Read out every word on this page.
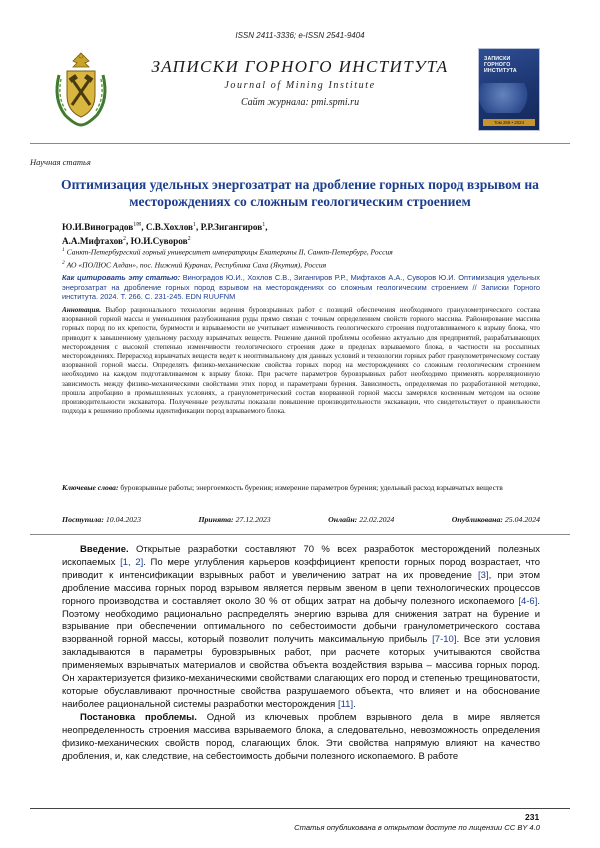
ISSN 2411-3336; e-ISSN 2541-9404
ЗАПИСКИ ГОРНОГО ИНСТИТУТА
Journal of Mining Institute
Сайт журнала: pmi.spmi.ru
ЗАПИСКИ ГОРНОГО ИНСТИТУТА
Том 266 • 2024
Научная статья
Оптимизация удельных энергозатрат на дробление горных пород взрывом на месторождениях со сложным геологическим строением
Ю.И.Виноградов$^{1✉}$, С.В.Хохлов$^1$, Р.Р.Зигангиров$^1$,
А.А.Мифтахов$^2$, Ю.И.Суворов$^2$
$^1$ Санкт-Петербургский горный университет императрицы Екатерины II, Санкт-Петербург, Россия
$^2$ АО «ПОЛЮС Алдан», пос. Нижний Куранах, Республика Саха (Якутия), Россия
Как цитировать эту статью: Виноградов Ю.И., Хохлов С.В., Зигангиров Р.Р., Мифтахов А.А., Суворов Ю.И. Оптимизация удельных энергозатрат на дробление горных пород взрывом на месторождениях со сложным геологическим строением // Записки Горного института. 2024. Т. 266. С. 231-245. EDN RUUFNM
Аннотация. Выбор рационального технологии ведения буровзрывных работ с позиций обеспечения необходимого гранулометрического состава взорванной горной массы и уменьшения разубоживания руды прямо связан с точным определением свойств горного массива. Районирование массива горных пород по их крепости, буримости и взрываемости не учитывает изменчивость геологического строения подготавливаемого к взрыву блока, что приводит к завышенному удельному расходу взрывчатых веществ. Решение данной проблемы особенно актуально для предприятий, разрабатывающих месторождения с высокой степенью изменчивости геологического строения даже в пределах взрываемого блока, в частности на россыпных месторождениях. Перерасход взрывчатых веществ ведет к неоптимальному для данных условий и технологии горных работ гранулометрическому составу взорванной горной массы. Определять физико-механические свойства горных пород на месторождениях со сложным геологическим строением необходимо на каждом подготавливаемом к взрыву блоке. При расчете параметров буровзрывных работ необходимо применять корреляционную зависимость между физико-механическими свойствами этих пород и параметрами бурения. Зависимость, определяемая по разработанной методике, прошла апробацию в промышленных условиях, а гранулометрический состав взорванной горной массы замерялся косвенным методом на основе производительности экскаватора. Полученные результаты показали повышение производительности экскавации, что свидетельствует о правильности подхода к решению проблемы идентификации пород взрываемого блока.
Ключевые слова: буровзрывные работы; энергоемкость бурения; измерение параметров бурения; удельный расход взрывчатых веществ
Поступила: 10.04.2023	Принята: 27.12.2023	Онлайн: 22.02.2024	Опубликована: 25.04.2024

Введение. Открытые разработки составляют 70 % всех разработок месторождений полезных ископаемых [1, 2]. По мере углубления карьеров коэффициент крепости горных пород возрастает, что приводит к интенсификации взрывных работ и увеличению затрат на их проведение [3], при этом дробление массива горных пород взрывом является первым звеном в цепи технологических процессов горного производства и составляет около 30 % от общих затрат на добычу полезного ископаемого [4-6]. Поэтому необходимо рационально распределять энергию взрыва для снижения затрат на бурение и взрывание при обеспечении оптимального по себестоимости добычи гранулометрического состава взорванной горной массы, который позволит получить максимальную прибыль [7-10]. Все эти условия закладываются в параметры буровзрывных работ, при расчете которых учитываются свойства применяемых взрывчатых материалов и свойства объекта воздействия взрыва – массива горных пород. Он характеризуется физико-механическими свойствами слагающих его пород и степенью трещиноватости, которые обуславливают прочностные свойства разрушаемого объекта, что влияет и на обоснование наиболее рациональной системы разработки месторождения [11].

Постановка проблемы. Одной из ключевых проблем взрывного дела в мире является неопределенность строения массива взрываемого блока, а следовательно, невозможность определения физико-механических свойств пород, слагающих блок. Эти свойства напрямую влияют на качество дробления, и, как следствие, на себестоимость добычи полезного ископаемого. В работе

231
Статья опубликована в открытом доступе по лицензии CC BY 4.0
